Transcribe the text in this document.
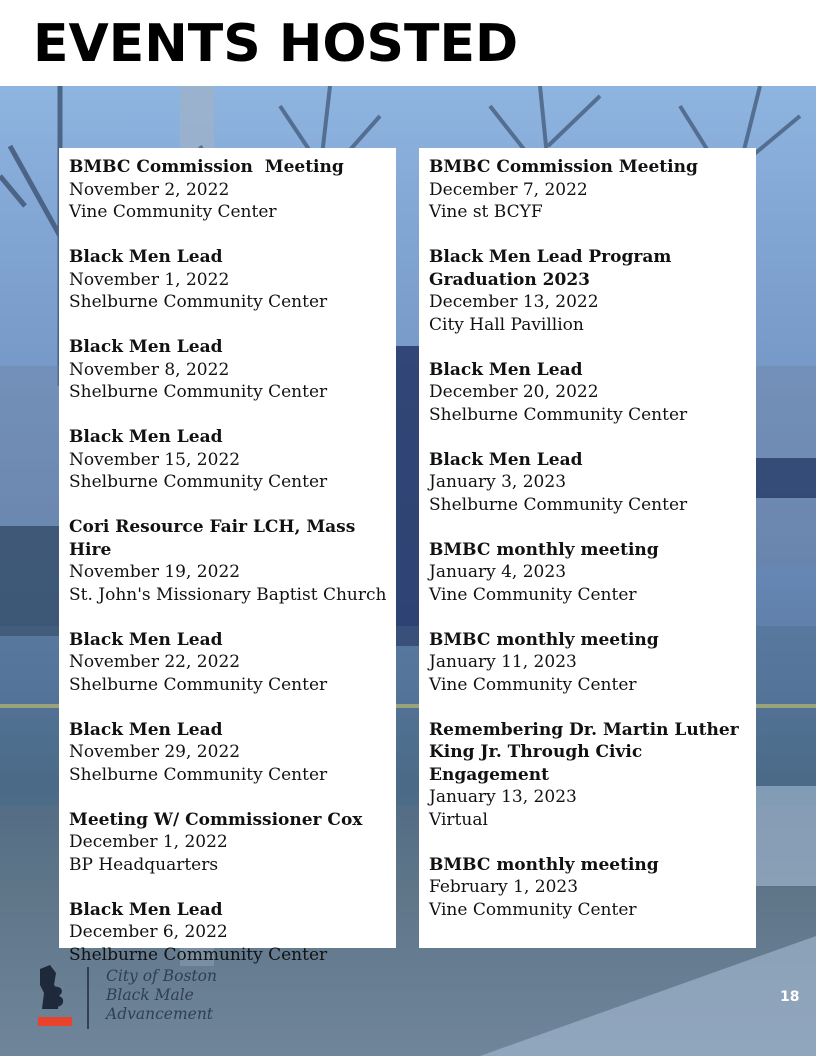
EVENTS HOSTED
BMBC Commission  Meeting
November 2, 2022
Vine Community Center
Black Men Lead
November 1, 2022
Shelburne Community Center
Black Men Lead
November 8, 2022
Shelburne Community Center
Black Men Lead
November 15, 2022
Shelburne Community Center
Cori Resource Fair LCH, Mass Hire
November 19, 2022
St. John's Missionary Baptist Church
Black Men Lead
November 22, 2022
Shelburne Community Center
Black Men Lead
November 29, 2022
Shelburne Community Center
Meeting W/ Commissioner Cox
December 1, 2022
BP Headquarters
Black Men Lead
December 6, 2022
Shelburne Community Center
BMBC Commission Meeting
December 7, 2022
Vine st BCYF
Black Men Lead Program
Graduation 2023
December 13, 2022
City Hall Pavillion
Black Men Lead
December 20, 2022
Shelburne Community Center
Black Men Lead
January 3, 2023
Shelburne Community Center
BMBC monthly meeting
January 4, 2023
Vine Community Center
BMBC monthly meeting
January 11, 2023
Vine Community Center
Remembering Dr. Martin Luther
King Jr. Through Civic Engagement
January 13, 2023
Virtual
BMBC monthly meeting
February 1, 2023
Vine Community Center
B
City of Boston
Black Male
Advancement
18
